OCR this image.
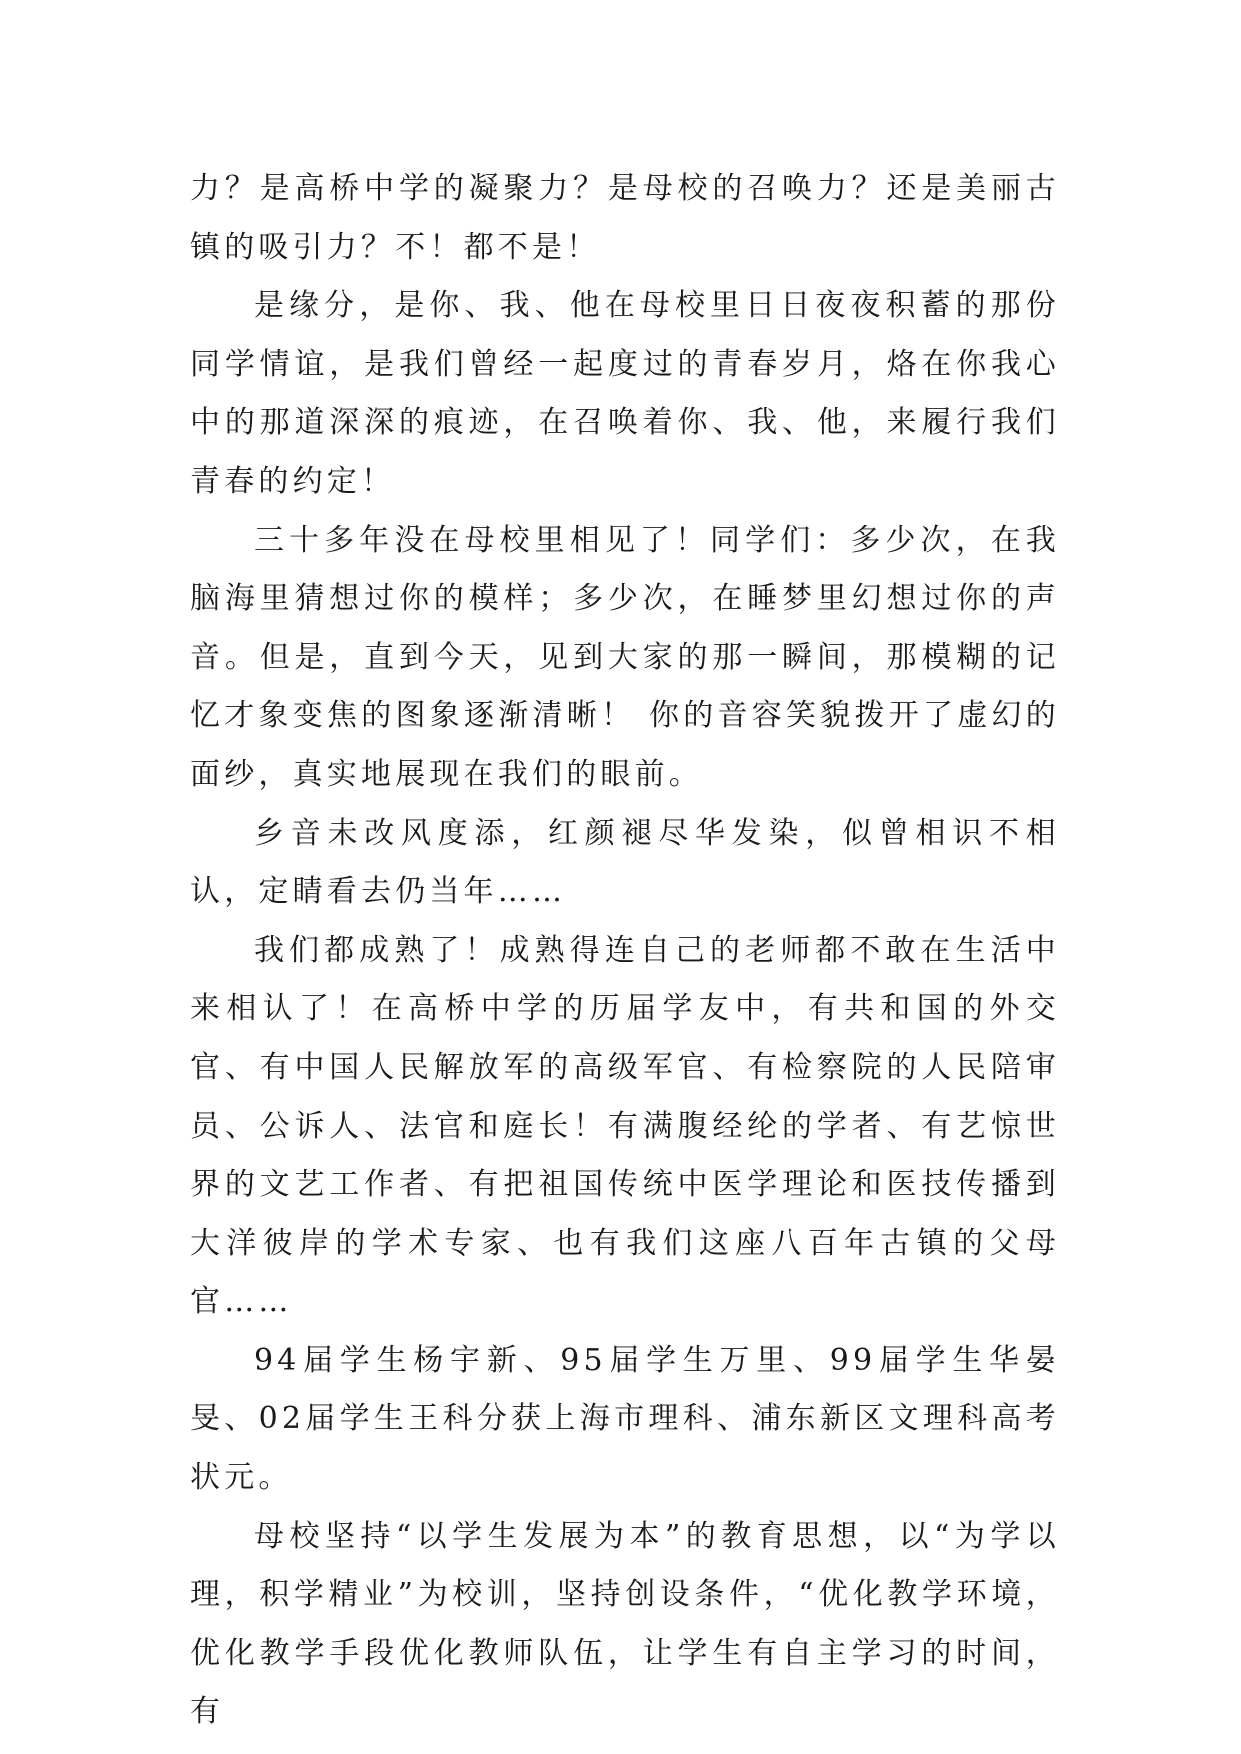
力？是高桥中学的凝聚力？是母校的召唤力？还是美丽古镇的吸引力？不！都不是！

是缘分，是你、我、他在母校里日日夜夜积蓄的那份同学情谊，是我们曾经一起度过的青春岁月，烙在你我心中的那道深深的痕迹，在召唤着你、我、他，来履行我们青春的约定！

三十多年没在母校里相见了！同学们：多少次，在我脑海里猜想过你的模样；多少次，在睡梦里幻想过你的声音。但是，直到今天，见到大家的那一瞬间，那模糊的记忆才象变焦的图象逐渐清晰！ 你的音容笑貌拨开了虚幻的面纱，真实地展现在我们的眼前。

乡音未改风度添，红颜褪尽华发染，似曾相识不相认，定睛看去仍当年……

我们都成熟了！成熟得连自己的老师都不敢在生活中来相认了！在高桥中学的历届学友中，有共和国的外交官、有中国人民解放军的高级军官、有检察院的人民陪审员、公诉人、法官和庭长！有满腹经纶的学者、有艺惊世界的文艺工作者、有把祖国传统中医学理论和医技传播到大洋彼岸的学术专家、也有我们这座八百年古镇的父母官……

94届学生杨宇新、95届学生万里、99届学生华晏旻、02届学生王科分获上海市理科、浦东新区文理科高考状元。

母校坚持“以学生发展为本”的教育思想，以“为学以理，积学精业”为校训，坚持创设条件，“优化教学环境，优化教学手段优化教师队伍，让学生有自主学习的时间，有
